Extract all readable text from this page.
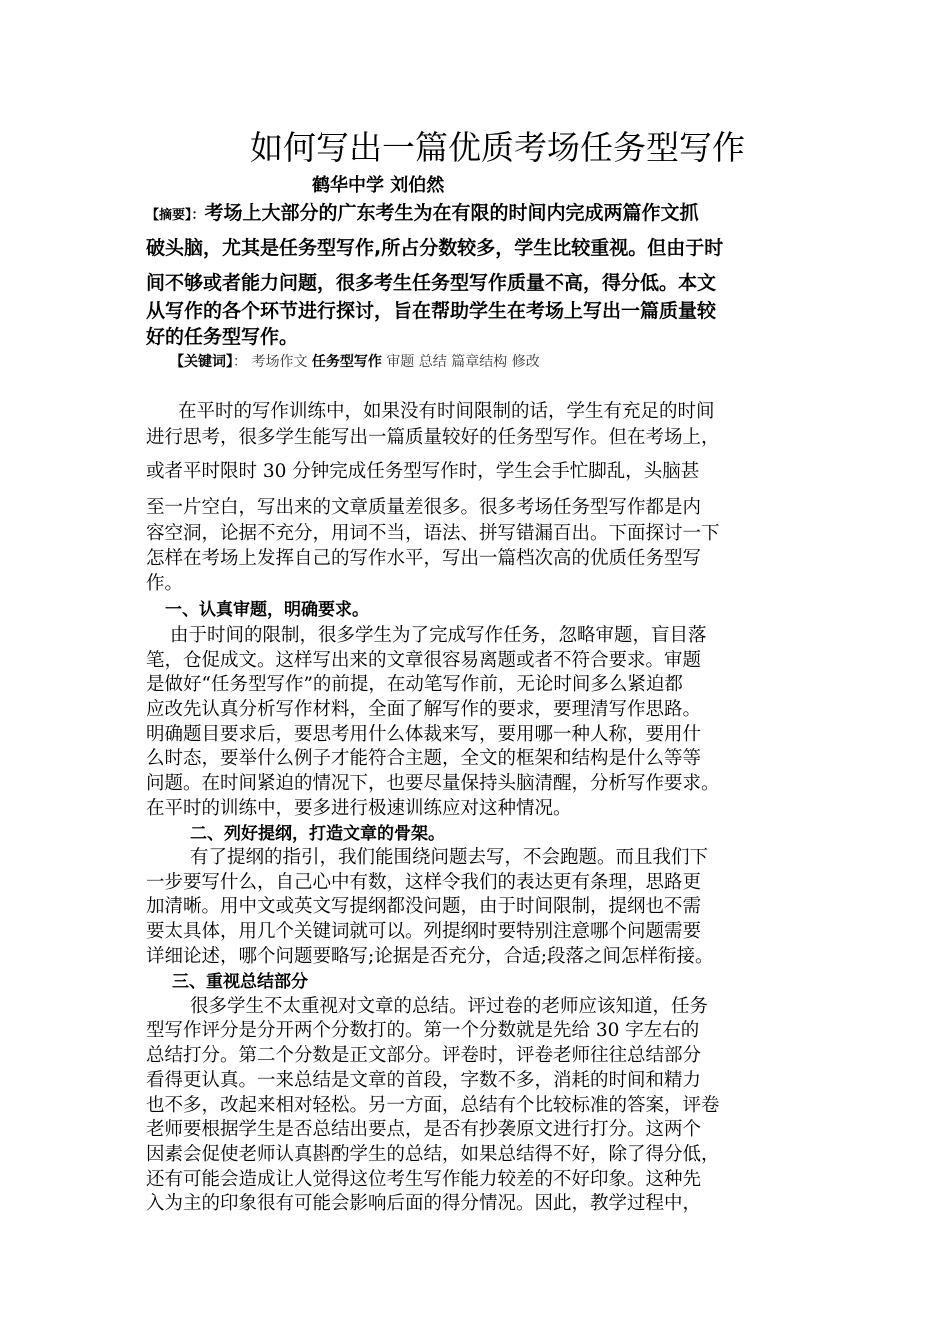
如何写出一篇优质考场任务型写作
鹤华中学 刘伯然
【摘要】：考场上大部分的广东考生为在有限的时间内完成两篇作文抓
破头脑，尤其是任务型写作,所占分数较多，学生比较重视。但由于时
间不够或者能力问题，很多考生任务型写作质量不高，得分低。本文
从写作的各个环节进行探讨，旨在帮助学生在考场上写出一篇质量较
好的任务型写作。
【关键词】： 考场作文 任务型写作 审题 总结 篇章结构 修改
在平时的写作训练中，如果没有时间限制的话，学生有充足的时间
进行思考，很多学生能写出一篇质量较好的任务型写作。但在考场上，
或者平时限时 30 分钟完成任务型写作时，学生会手忙脚乱，头脑甚
至一片空白，写出来的文章质量差很多。很多考场任务型写作都是内
容空洞，论据不充分，用词不当，语法、拼写错漏百出。下面探讨一下
怎样在考场上发挥自己的写作水平，写出一篇档次高的优质任务型写
作。
一、认真审题，明确要求。
由于时间的限制，很多学生为了完成写作任务，忽略审题，盲目落
笔，仓促成文。这样写出来的文章很容易离题或者不符合要求。审题
是做好“任务型写作”的前提，在动笔写作前，无论时间多么紧迫都
应改先认真分析写作材料，全面了解写作的要求，要理清写作思路。
明确题目要求后，要思考用什么体裁来写，要用哪一种人称，要用什
么时态，要举什么例子才能符合主题，全文的框架和结构是什么等等
问题。在时间紧迫的情况下，也要尽量保持头脑清醒，分析写作要求。
在平时的训练中，要多进行极速训练应对这种情况。
二、列好提纲，打造文章的骨架。
有了提纲的指引，我们能围绕问题去写，不会跑题。而且我们下
一步要写什么，自己心中有数，这样令我们的表达更有条理，思路更
加清晰。用中文或英文写提纲都没问题，由于时间限制，提纲也不需
要太具体，用几个关键词就可以。列提纲时要特别注意哪个问题需要
详细论述，哪个问题要略写;论据是否充分，合适;段落之间怎样衔接。
三、重视总结部分
很多学生不太重视对文章的总结。评过卷的老师应该知道，任务
型写作评分是分开两个分数打的。第一个分数就是先给 30 字左右的
总结打分。第二个分数是正文部分。评卷时，评卷老师往往总结部分
看得更认真。一来总结是文章的首段，字数不多，消耗的时间和精力
也不多，改起来相对轻松。另一方面，总结有个比较标准的答案，评卷
老师要根据学生是否总结出要点，是否有抄袭原文进行打分。这两个
因素会促使老师认真斟酌学生的总结，如果总结得不好，除了得分低，
还有可能会造成让人觉得这位考生写作能力较差的不好印象。这种先
入为主的印象很有可能会影响后面的得分情况。因此，教学过程中，
